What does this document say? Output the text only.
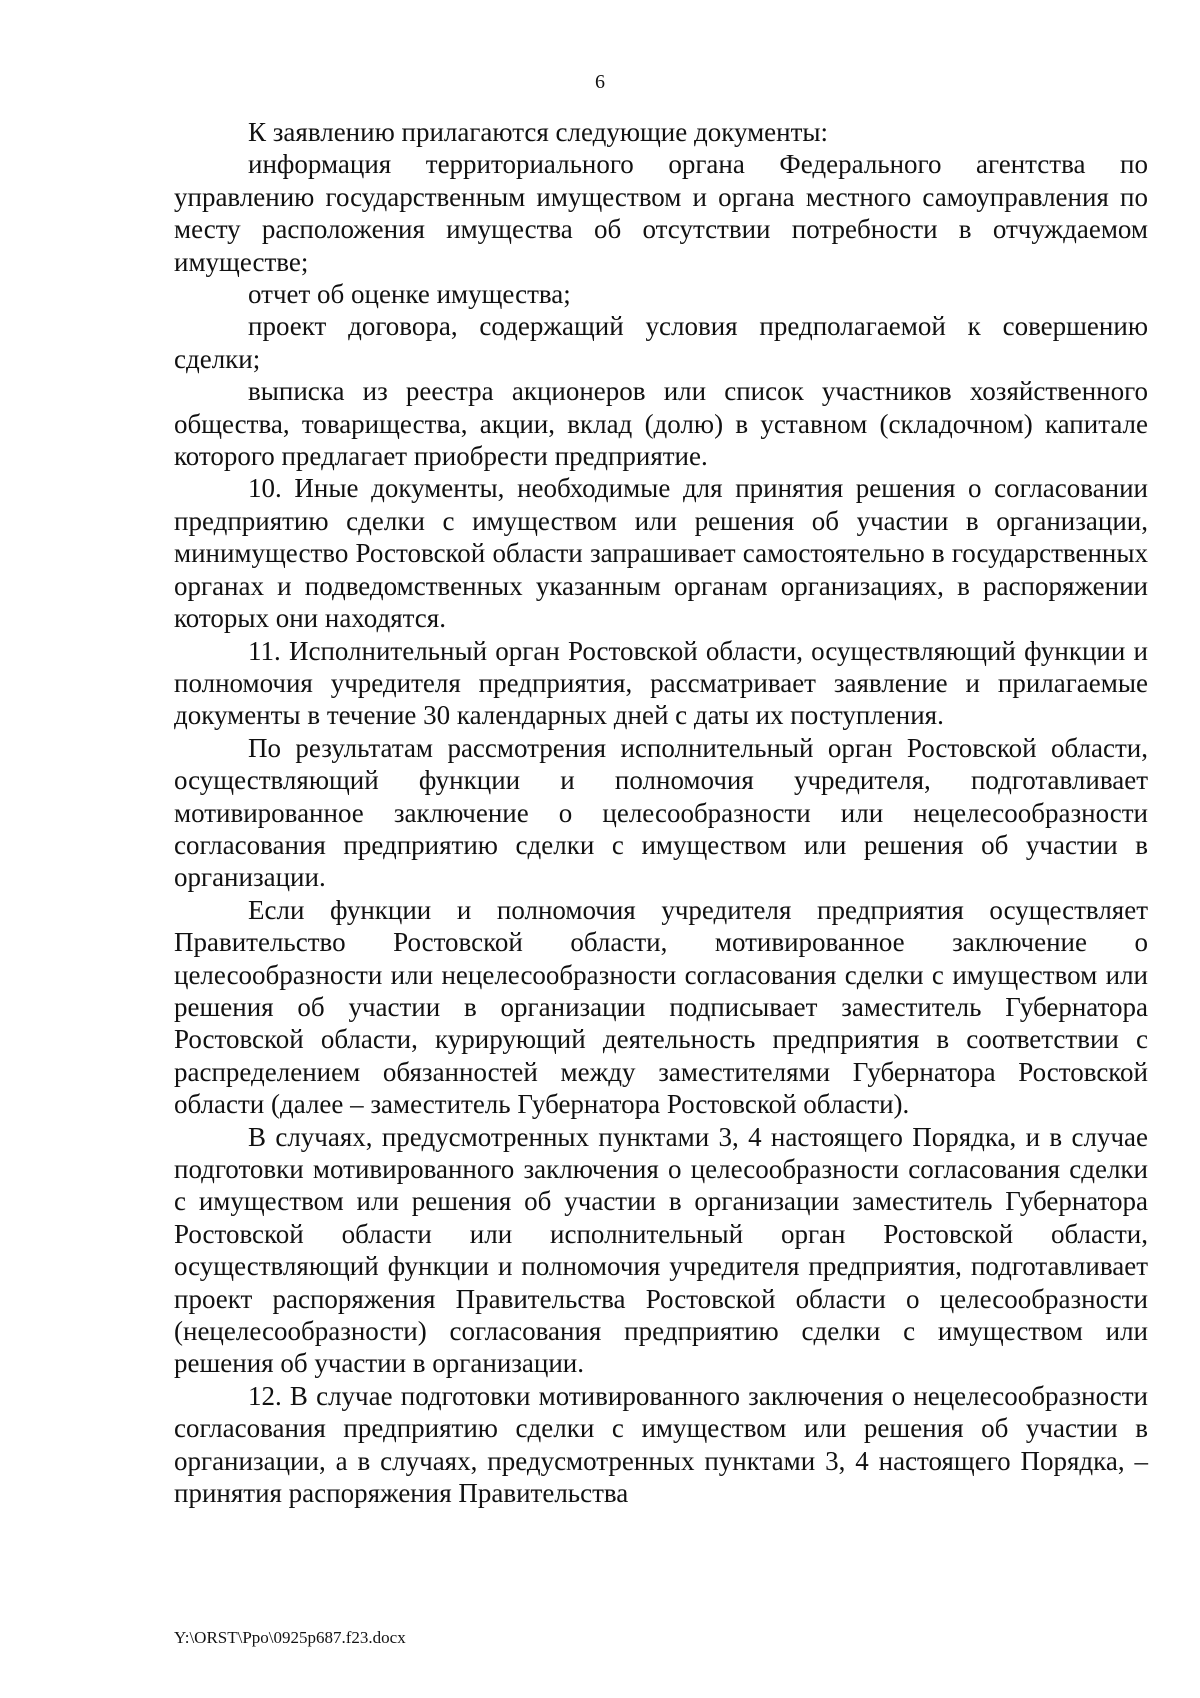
6

К заявлению прилагаются следующие документы:

информация территориального органа Федерального агентства по управлению государственным имуществом и органа местного самоуправления по месту расположения имущества об отсутствии потребности в отчуждаемом имуществе;

отчет об оценке имущества;

проект договора, содержащий условия предполагаемой к совершению сделки;

выписка из реестра акционеров или список участников хозяйственного общества, товарищества, акции, вклад (долю) в уставном (складочном) капитале которого предлагает приобрести предприятие.

10. Иные документы, необходимые для принятия решения о согласовании предприятию сделки с имуществом или решения об участии в организации, минимущество Ростовской области запрашивает самостоятельно в государственных органах и подведомственных указанным органам организациях, в распоряжении которых они находятся.

11. Исполнительный орган Ростовской области, осуществляющий функции и полномочия учредителя предприятия, рассматривает заявление и прилагаемые документы в течение 30 календарных дней с даты их поступления.

По результатам рассмотрения исполнительный орган Ростовской области, осуществляющий функции и полномочия учредителя, подготавливает мотивированное заключение о целесообразности или нецелесообразности согласования предприятию сделки с имуществом или решения об участии в организации.

Если функции и полномочия учредителя предприятия осуществляет Правительство Ростовской области, мотивированное заключение о целесообразности или нецелесообразности согласования сделки с имуществом или решения об участии в организации подписывает заместитель Губернатора Ростовской области, курирующий деятельность предприятия в соответствии с распределением обязанностей между заместителями Губернатора Ростовской области (далее – заместитель Губернатора Ростовской области).

В случаях, предусмотренных пунктами 3, 4 настоящего Порядка, и в случае подготовки мотивированного заключения о целесообразности согласования сделки с имуществом или решения об участии в организации заместитель Губернатора Ростовской области или исполнительный орган Ростовской области, осуществляющий функции и полномочия учредителя предприятия, подготавливает проект распоряжения Правительства Ростовской области о целесообразности (нецелесообразности) согласования предприятию сделки с имуществом или решения об участии в организации.

12. В случае подготовки мотивированного заключения о нецелесообразности согласования предприятию сделки с имуществом или решения об участии в организации, а в случаях, предусмотренных пунктами 3, 4 настоящего Порядка, – принятия распоряжения Правительства

Y:\ORST\Ppo\0925p687.f23.docx
